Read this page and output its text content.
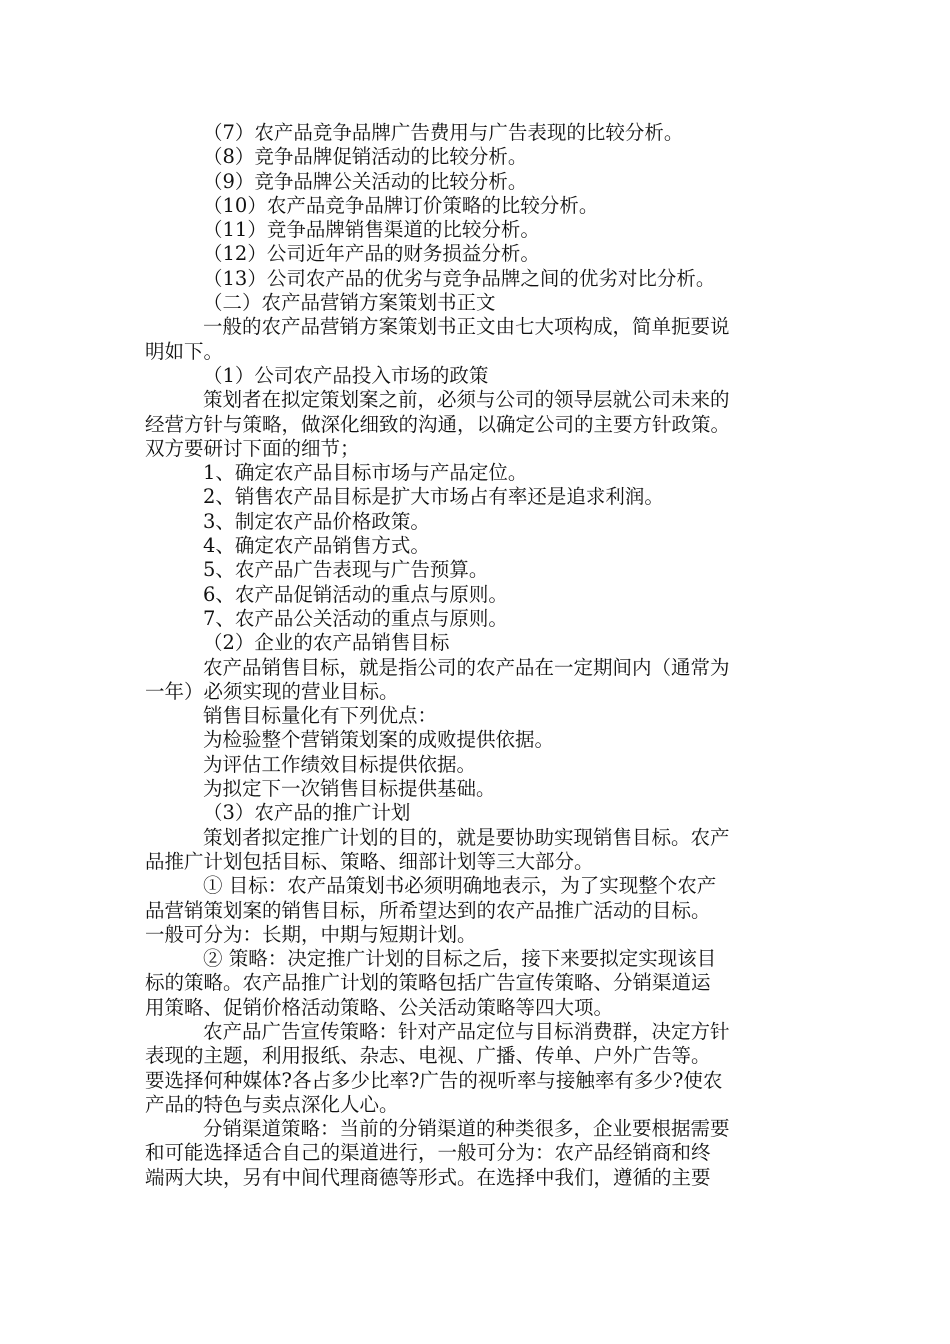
（7）农产品竞争品牌广告费用与广告表现的比较分析。
（8）竞争品牌促销活动的比较分析。
（9）竞争品牌公关活动的比较分析。
（10）农产品竞争品牌订价策略的比较分析。
（11）竞争品牌销售渠道的比较分析。
（12）公司近年产品的财务损益分析。
（13）公司农产品的优劣与竞争品牌之间的优劣对比分析。
（二）农产品营销方案策划书正文
一般的农产品营销方案策划书正文由七大项构成，简单扼要说
明如下。
（1）公司农产品投入市场的政策
策划者在拟定策划案之前，必须与公司的领导层就公司未来的
经营方针与策略，做深化细致的沟通，以确定公司的主要方针政策。
双方要研讨下面的细节；
1、确定农产品目标市场与产品定位。
2、销售农产品目标是扩大市场占有率还是追求利润。
3、制定农产品价格政策。
4、确定农产品销售方式。
5、农产品广告表现与广告预算。
6、农产品促销活动的重点与原则。
7、农产品公关活动的重点与原则。
（2）企业的农产品销售目标
农产品销售目标，就是指公司的农产品在一定期间内（通常为
一年）必须实现的营业目标。
销售目标量化有下列优点：
为检验整个营销策划案的成败提供依据。
为评估工作绩效目标提供依据。
为拟定下一次销售目标提供基础。
（3）农产品的推广计划
策划者拟定推广计划的目的，就是要协助实现销售目标。农产
品推广计划包括目标、策略、细部计划等三大部分。
① 目标：农产品策划书必须明确地表示，为了实现整个农产
品营销策划案的销售目标，所希望达到的农产品推广活动的目标。
一般可分为：长期，中期与短期计划。
② 策略：决定推广计划的目标之后，接下来要拟定实现该目
标的策略。农产品推广计划的策略包括广告宣传策略、分销渠道运
用策略、促销价格活动策略、公关活动策略等四大项。
农产品广告宣传策略：针对产品定位与目标消费群，决定方针
表现的主题，利用报纸、杂志、电视、广播、传单、户外广告等。
要选择何种媒体?各占多少比率?广告的视听率与接触率有多少?使农
产品的特色与卖点深化人心。
分销渠道策略：当前的分销渠道的种类很多，企业要根据需要
和可能选择适合自己的渠道进行，一般可分为：农产品经销商和终
端两大块，另有中间代理商德等形式。在选择中我们，遵循的主要
